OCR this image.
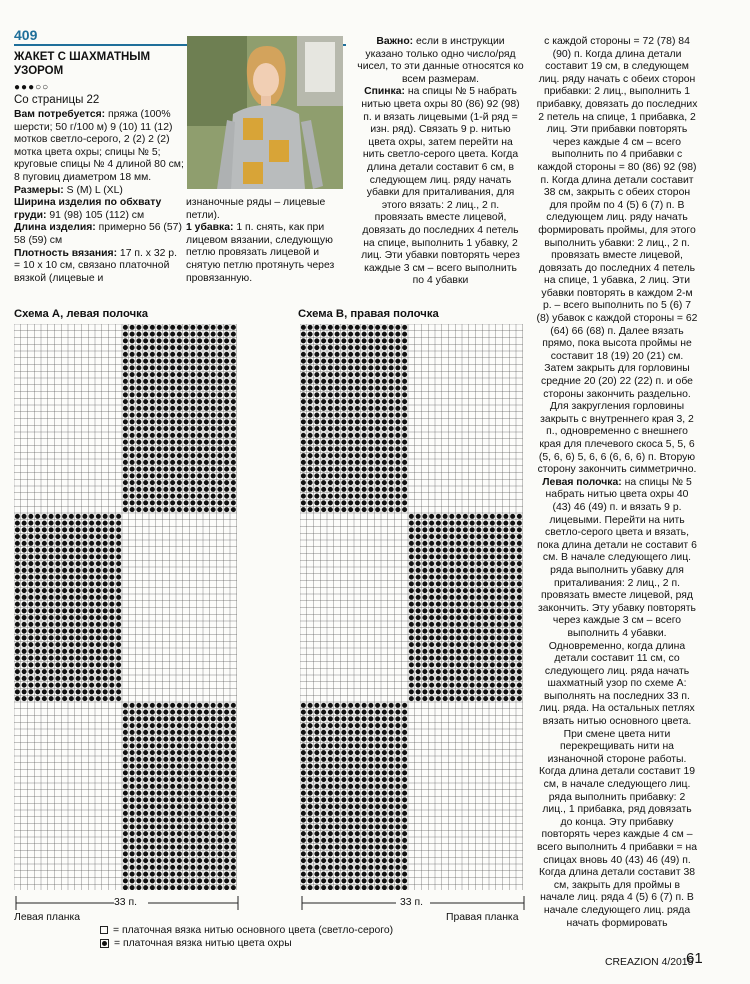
409
ЖАКЕТ С ШАХМАТНЫМ УЗОРОМ
●●●○○
Со страницы 22

Вам потребуется: пряжа (100% шерсти; 50 г/100 м) 9 (10) 11 (12) мотков светло-серого, 2 (2) 2 (2) мотка цвета охры; спицы № 5; круговые спицы № 4 длиной 80 см; 8 пуговиц диаметром 18 мм.

Размеры: S (M) L (XL)

Ширина изделия по обхвату груди: 91 (98) 105 (112) см

Длина изделия: примерно 56 (57) 58 (59) см

Плотность вязания: 17 п. х 32 р. = 10 х 10 см, связано платочной вязкой (лицевые и

изнаночные ряды – лицевые петли).

1 убавка: 1 п. снять, как при лицевом вязании, следующую петлю провязать лицевой и снятую петлю протянуть через провязанную.

Важно: если в инструкции указано только одно число/ряд чисел, то эти данные относятся ко всем размерам.

Спинка: на спицы № 5 набрать нитью цвета охры 80 (86) 92 (98) п. и вязать лицевыми (1-й ряд = изн. ряд). Связать 9 р. нитью цвета охры, затем перейти на нить светло-серого цвета. Когда длина детали составит 6 см, в следующем лиц. ряду начать убавки для приталивания, для этого вязать: 2 лиц., 2 п. провязать вместе лицевой, довязать до последних 4 петель на спице, выполнить 1 убавку, 2 лиц. Эти убавки повторять через каждые 3 см – всего выполнить по 4 убавки

с каждой стороны = 72 (78) 84 (90) п. Когда длина детали составит 19 см, в следующем лиц. ряду начать с обеих сторон прибавки: 2 лиц., выполнить 1 прибавку, довязать до последних 2 петель на спице, 1 прибавка, 2 лиц. Эти прибавки повторять через каждые 4 см – всего выполнить по 4 прибавки с каждой стороны = 80 (86) 92 (98) п. Когда длина детали составит 38 см, закрыть с обеих сторон для пройм по 4 (5) 6 (7) п. В следующем лиц. ряду начать формировать проймы, для этого выполнить убавки: 2 лиц., 2 п. провязать вместе лицевой, довязать до последних 4 петель на спице, 1 убавка, 2 лиц. Эти убавки повторять в каждом 2-м р. – всего выполнить по 5 (6) 7 (8) убавок с каждой стороны = 62 (64) 66 (68) п. Далее вязать прямо, пока высота проймы не составит 18 (19) 20 (21) см. Затем закрыть для горловины средние 20 (20) 22 (22) п. и обе стороны закончить раздельно. Для закругления горловины закрыть с внутреннего края 3, 2 п., одновременно с внешнего края для плечевого скоса 5, 5, 6 (5, 6, 6) 5, 6, 6 (6, 6, 6) п. Вторую сторону закончить симметрично.

Левая полочка: на спицы № 5 набрать нитью цвета охры 40 (43) 46 (49) п. и вязать 9 р. лицевыми. Перейти на нить светло-серого цвета и вязать, пока длина детали не составит 6 см. В начале следующего лиц. ряда выполнить убавку для приталивания: 2 лиц., 2 п. провязать вместе лицевой, ряд закончить. Эту убавку повторять через каждые 3 см – всего выполнить 4 убавки. Одновременно, когда длина детали составит 11 см, со следующего лиц. ряда начать шахматный узор по схеме А: выполнять на последних 33 п. лиц. ряда. На остальных петлях вязать нитью основного цвета. При смене цвета нити перекрещивать нити на изнаночной стороне работы. Когда длина детали составит 19 см, в начале следующего лиц. ряда выполнить прибавку: 2 лиц., 1 прибавка, ряд довязать до конца. Эту прибавку повторять через каждые 4 см – всего выполнить 4 прибавки = на спицах вновь 40 (43) 46 (49) п. Когда длина детали составит 38 см, закрыть для проймы в начале лиц. ряда 4 (5) 6 (7) п. В начале следующего лиц. ряда начать формировать

Схема А, левая полочка	Схема В, правая полочка
33 п.	33 п.
Левая планка	Правая планка
= платочная вязка нитью основного цвета (светло-серого)
= платочная вязка нитью цвета охры
CREAZION 4/2015
61
